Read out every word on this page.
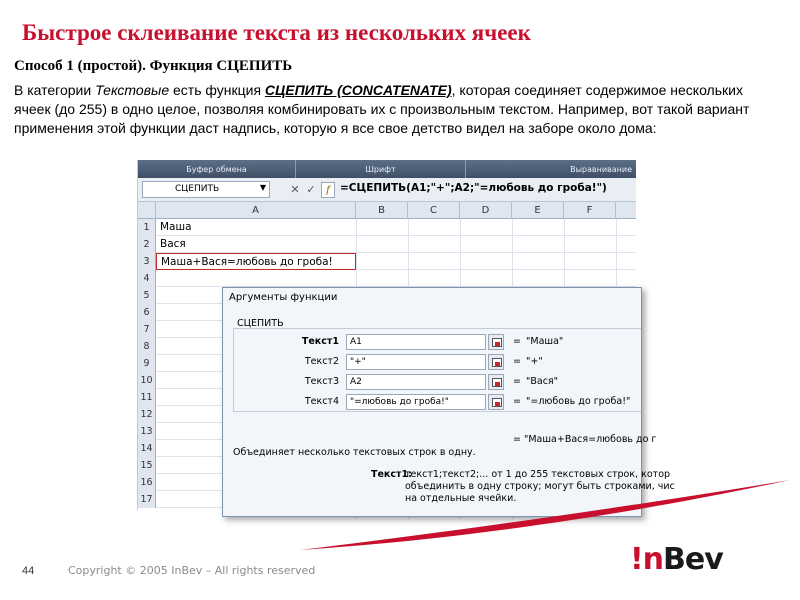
Быстрое склеивание текста из нескольких ячеек
Способ 1 (простой). Функция СЦЕПИТЬ
В категории Текстовые есть функция СЦЕПИТЬ (CONCATENATE), которая соединяет содержимое нескольких ячеек (до 255) в одно целое, позволяя комбинировать их с произвольным текстом. Например, вот такой вариант применения этой функции даст надпись, которую я все свое детство видел на заборе около дома:
Буфер обмена	Шрифт	Выравнивание
СЦЕПИТЬ	▼ ✕ ✓	f =СЦЕПИТЬ(A1;"+";A2;"=любовь до гроба!")
A	B	C	D	E	F
1 Маша
2 Вася
3	Маша+Вася=любовь до гроба!
4
5
6
7
8
9
10
11
12
13
14
15
16
17
Аргументы функции
СЦЕПИТЬ
Текст1	A1	= "Маша"
Текст2	"+"	= "+"
Текст3	A2	= "Вася"
Текст4	"=любовь до гроба!"	= "=любовь до гроба!"
= "Маша+Вася=любовь до г
Объединяет несколько текстовых строк в одну.
Текст1:
текст1;текст2;... от 1 до 255 текстовых строк, котор
объединить в одну строку; могут быть строками, чис
на отдельные ячейки.
44	Copyright © 2005 InBev – All rights reserved	!nBev
